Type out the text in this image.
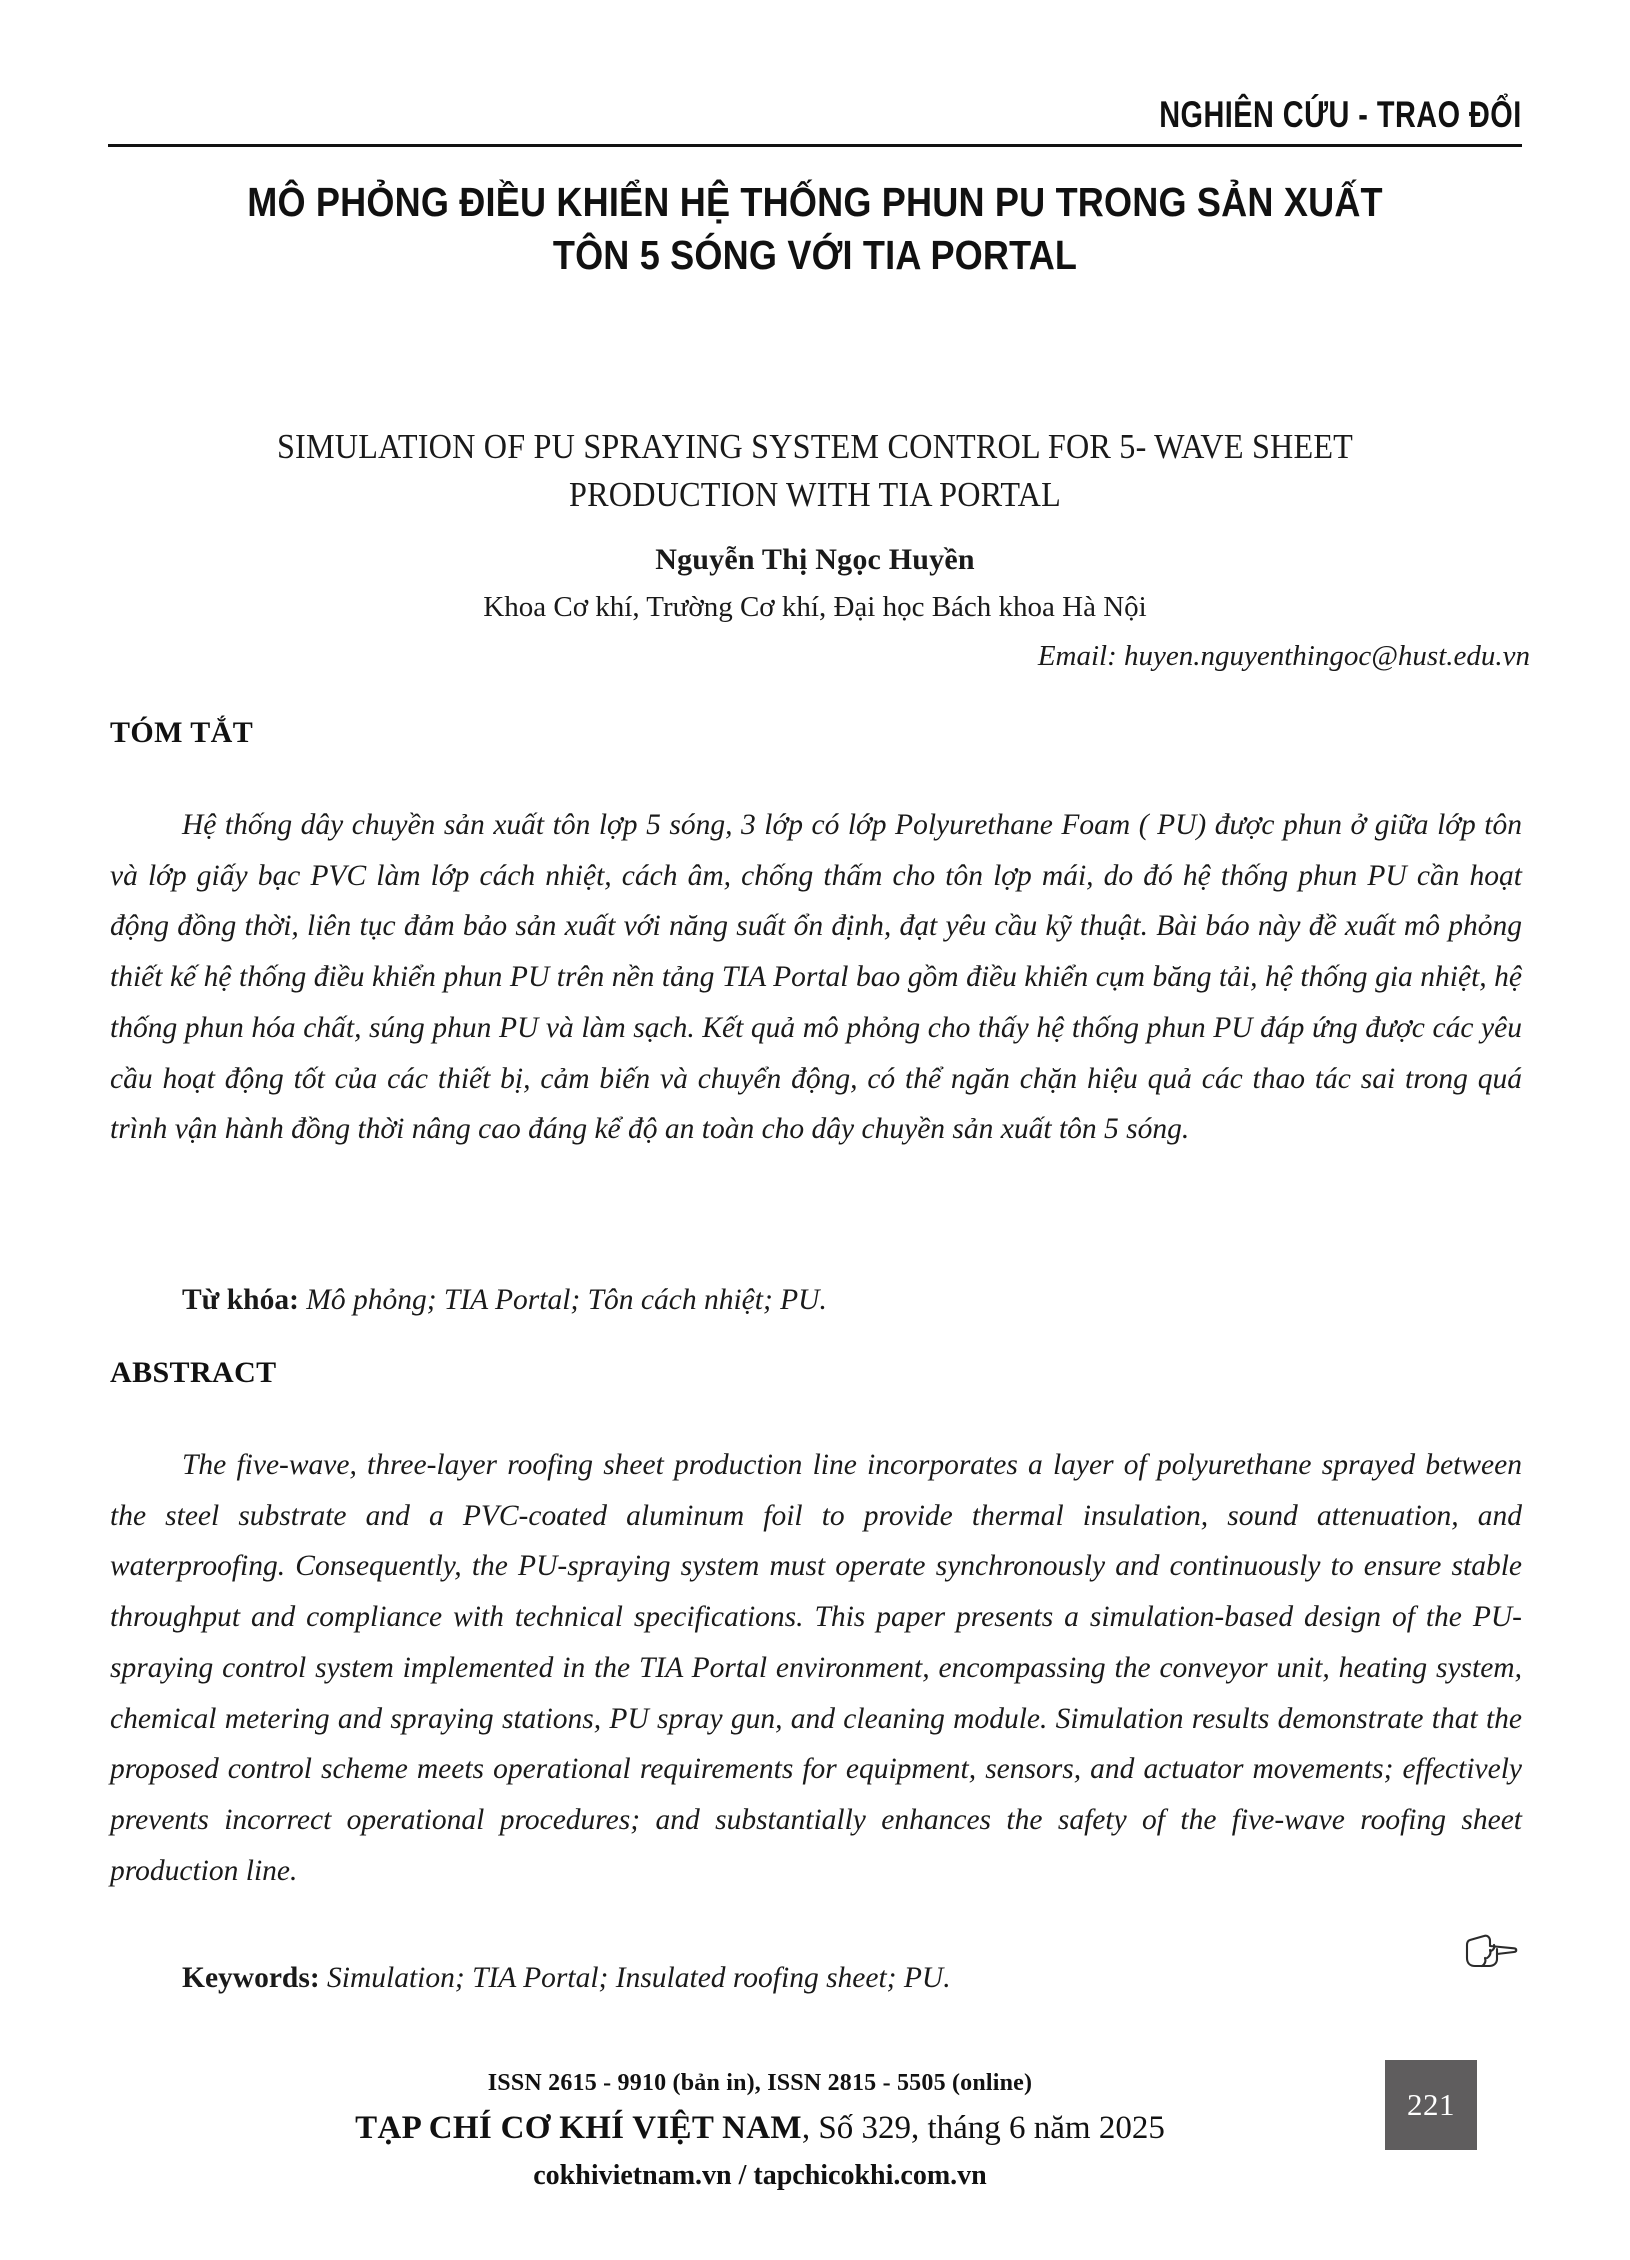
NGHIÊN CỨU - TRAO ĐỔI
MÔ PHỎNG ĐIỀU KHIỂN HỆ THỐNG PHUN PU TRONG SẢN XUẤT
TÔN 5 SÓNG VỚI TIA PORTAL
SIMULATION OF PU SPRAYING SYSTEM CONTROL FOR 5- WAVE SHEET
PRODUCTION WITH TIA PORTAL
Nguyễn Thị Ngọc Huyền
Khoa Cơ khí, Trường Cơ khí, Đại học Bách khoa Hà Nội
Email: huyen.nguyenthingoc@hust.edu.vn
TÓM TẮT
Hệ thống dây chuyền sản xuất tôn lợp 5 sóng, 3 lớp có lớp Polyurethane Foam ( PU) được phun ở giữa lớp tôn và lớp giấy bạc PVC làm lớp cách nhiệt, cách âm, chống thấm cho tôn lợp mái, do đó hệ thống phun PU cần hoạt động đồng thời, liên tục đảm bảo sản xuất với năng suất ổn định, đạt yêu cầu kỹ thuật. Bài báo này đề xuất mô phỏng thiết kế hệ thống điều khiển phun PU trên nền tảng TIA Portal bao gồm điều khiển cụm băng tải, hệ thống gia nhiệt, hệ thống phun hóa chất, súng phun PU và làm sạch. Kết quả mô phỏng cho thấy hệ thống phun PU đáp ứng được các yêu cầu hoạt động tốt của các thiết bị, cảm biến và chuyển động, có thể ngăn chặn hiệu quả các thao tác sai trong quá trình vận hành đồng thời nâng cao đáng kể độ an toàn cho dây chuyền sản xuất tôn 5 sóng.
Từ khóa: Mô phỏng; TIA Portal; Tôn cách nhiệt; PU.
ABSTRACT
The five-wave, three-layer roofing sheet production line incorporates a layer of polyurethane sprayed between the steel substrate and a PVC-coated aluminum foil to provide thermal insulation, sound attenuation, and waterproofing. Consequently, the PU-spraying system must operate synchronously and continuously to ensure stable throughput and compliance with technical specifications. This paper presents a simulation-based design of the PU-spraying control system implemented in the TIA Portal environment, encompassing the conveyor unit, heating system, chemical metering and spraying stations, PU spray gun, and cleaning module. Simulation results demonstrate that the proposed control scheme meets operational requirements for equipment, sensors, and actuator movements; effectively prevents incorrect operational procedures; and substantially enhances the safety of the five-wave roofing sheet production line.
Keywords: Simulation; TIA Portal; Insulated roofing sheet; PU.
ISSN 2615 - 9910 (bản in), ISSN 2815 - 5505 (online)
TẠP CHÍ CƠ KHÍ VIỆT NAM, Số 329, tháng 6 năm 2025
cokhivietnam.vn / tapchicokhi.com.vn
221
